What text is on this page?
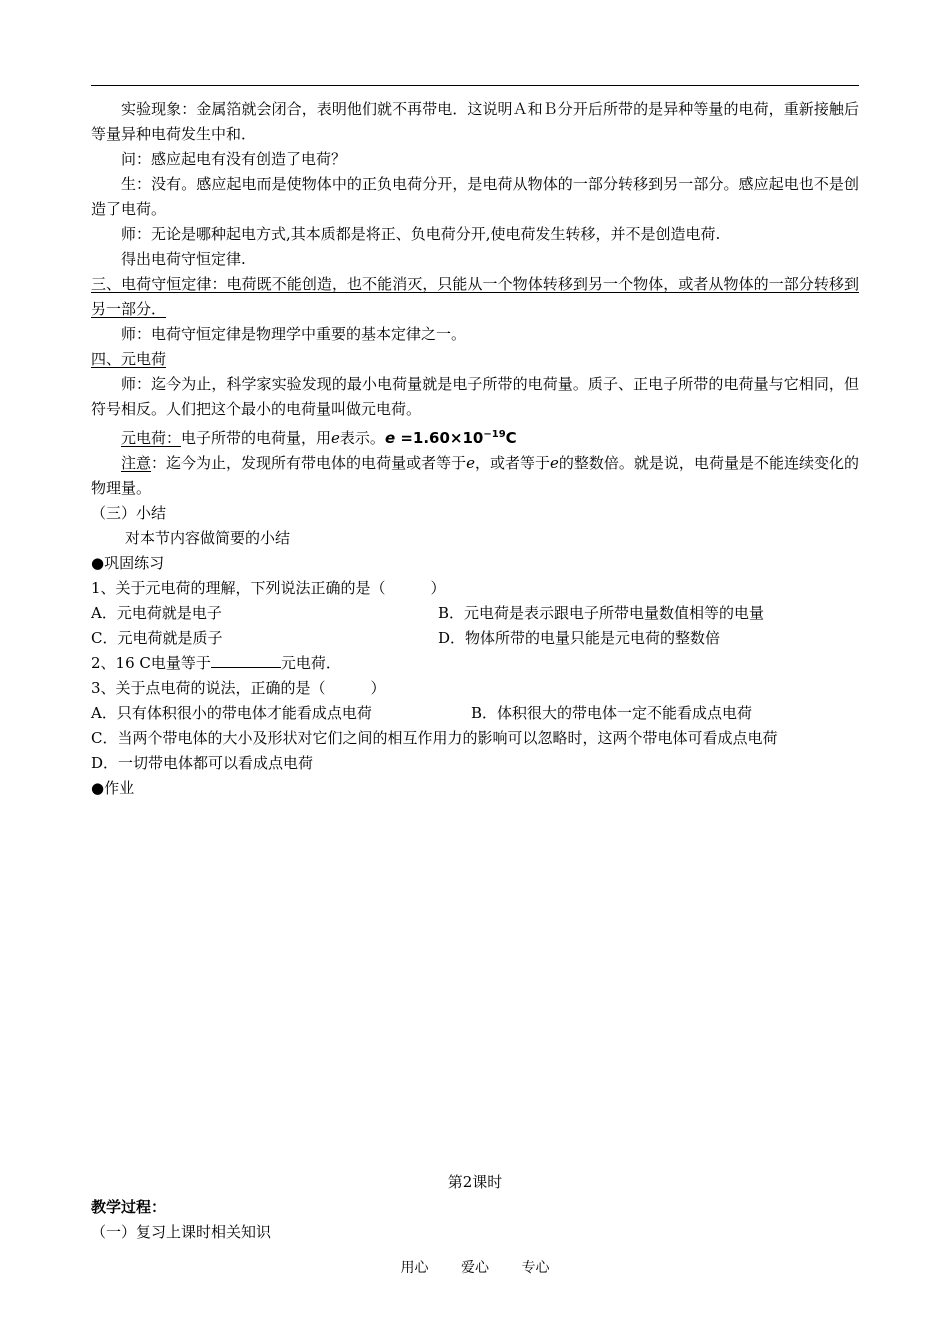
实验现象：金属箔就会闭合，表明他们就不再带电．这说明Ａ和Ｂ分开后所带的是异种等量的电荷，重新接触后等量异种电荷发生中和．

问：感应起电有没有创造了电荷？

生：没有。感应起电而是使物体中的正负电荷分开，是电荷从物体的一部分转移到另一部分。感应起电也不是创造了电荷。

师：无论是哪种起电方式,其本质都是将正、负电荷分开,使电荷发生转移，并不是创造电荷.

得出电荷守恒定律.

三、电荷守恒定律：电荷既不能创造，也不能消灭，只能从一个物体转移到另一个物体，或者从物体的一部分转移到另一部分．

师：电荷守恒定律是物理学中重要的基本定律之一。

四、元电荷

师：迄今为止，科学家实验发现的最小电荷量就是电子所带的电荷量。质子、正电子所带的电荷量与它相同，但符号相反。人们把这个最小的电荷量叫做元电荷。

元电荷：电子所带的电荷量，用e表示。$e =1.60\times 10^{-19}C$

注意：迄今为止，发现所有带电体的电荷量或者等于e，或者等于e的整数倍。就是说，电荷量是不能连续变化的物理量。

（三）小结

对本节内容做简要的小结

●巩固练习

1、关于元电荷的理解，下列说法正确的是（　　　）

A．元电荷就是电子	B．元电荷是表示跟电子所带电量数值相等的电量
C．元电荷就是质子	D．物体所带的电量只能是元电荷的整数倍

2、16 C电量等于	元电荷．

3、关于点电荷的说法，正确的是（　　　）

A．只有体积很小的带电体才能看成点电荷	B．体积很大的带电体一定不能看成点电荷

C．当两个带电体的大小及形状对它们之间的相互作用力的影响可以忽略时，这两个带电体可看成点电荷

D．一切带电体都可以看成点电荷

●作业

第2课时
教学过程：
（一）复习上课时相关知识
用心 爱心 专心
